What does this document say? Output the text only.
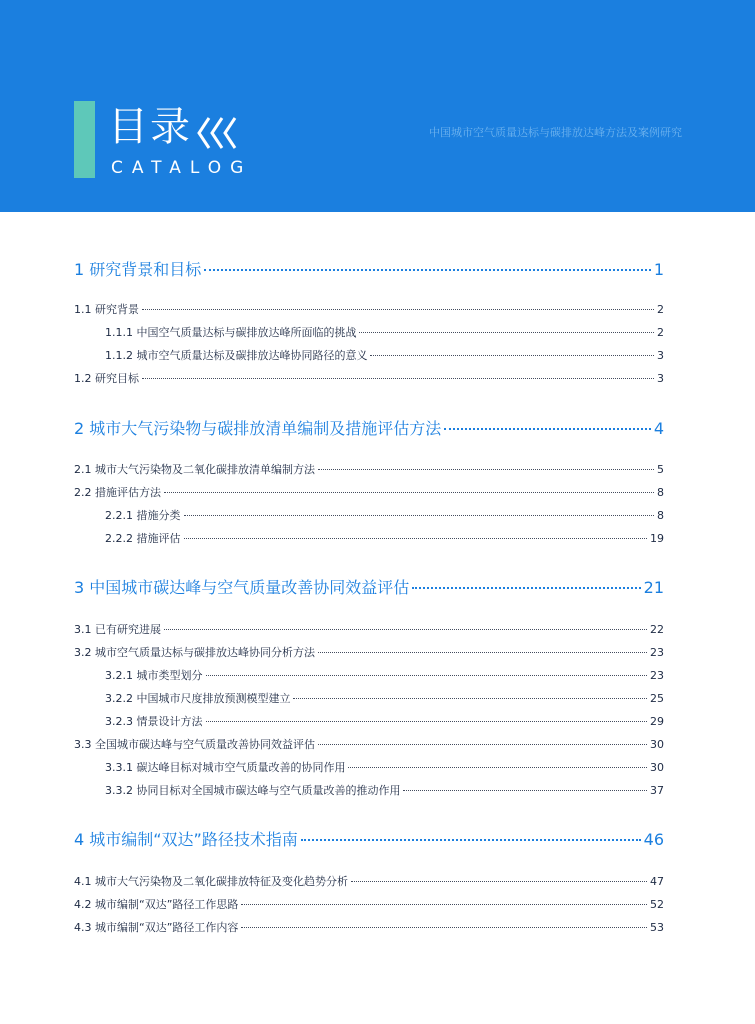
目录
CATALOG
中国城市空气质量达标与碳排放达峰方法及案例研究
1 研究背景和目标	1
1.1 研究背景	2
1.1.1 中国空气质量达标与碳排放达峰所面临的挑战	2
1.1.2 城市空气质量达标及碳排放达峰协同路径的意义	3
1.2 研究目标	3
2 城市大气污染物与碳排放清单编制及措施评估方法	4
2.1 城市大气污染物及二氧化碳排放清单编制方法	5
2.2 措施评估方法	8
2.2.1 措施分类	8
2.2.2 措施评估	19
3 中国城市碳达峰与空气质量改善协同效益评估	21
3.1 已有研究进展	22
3.2 城市空气质量达标与碳排放达峰协同分析方法	23
3.2.1 城市类型划分	23
3.2.2 中国城市尺度排放预测模型建立	25
3.2.3 情景设计方法	29
3.3 全国城市碳达峰与空气质量改善协同效益评估	30
3.3.1 碳达峰目标对城市空气质量改善的协同作用	30
3.3.2 协同目标对全国城市碳达峰与空气质量改善的推动作用	37
4 城市编制“双达”路径技术指南	46
4.1 城市大气污染物及二氧化碳排放特征及变化趋势分析	47
4.2 城市编制“双达”路径工作思路	52
4.3 城市编制“双达”路径工作内容	53
